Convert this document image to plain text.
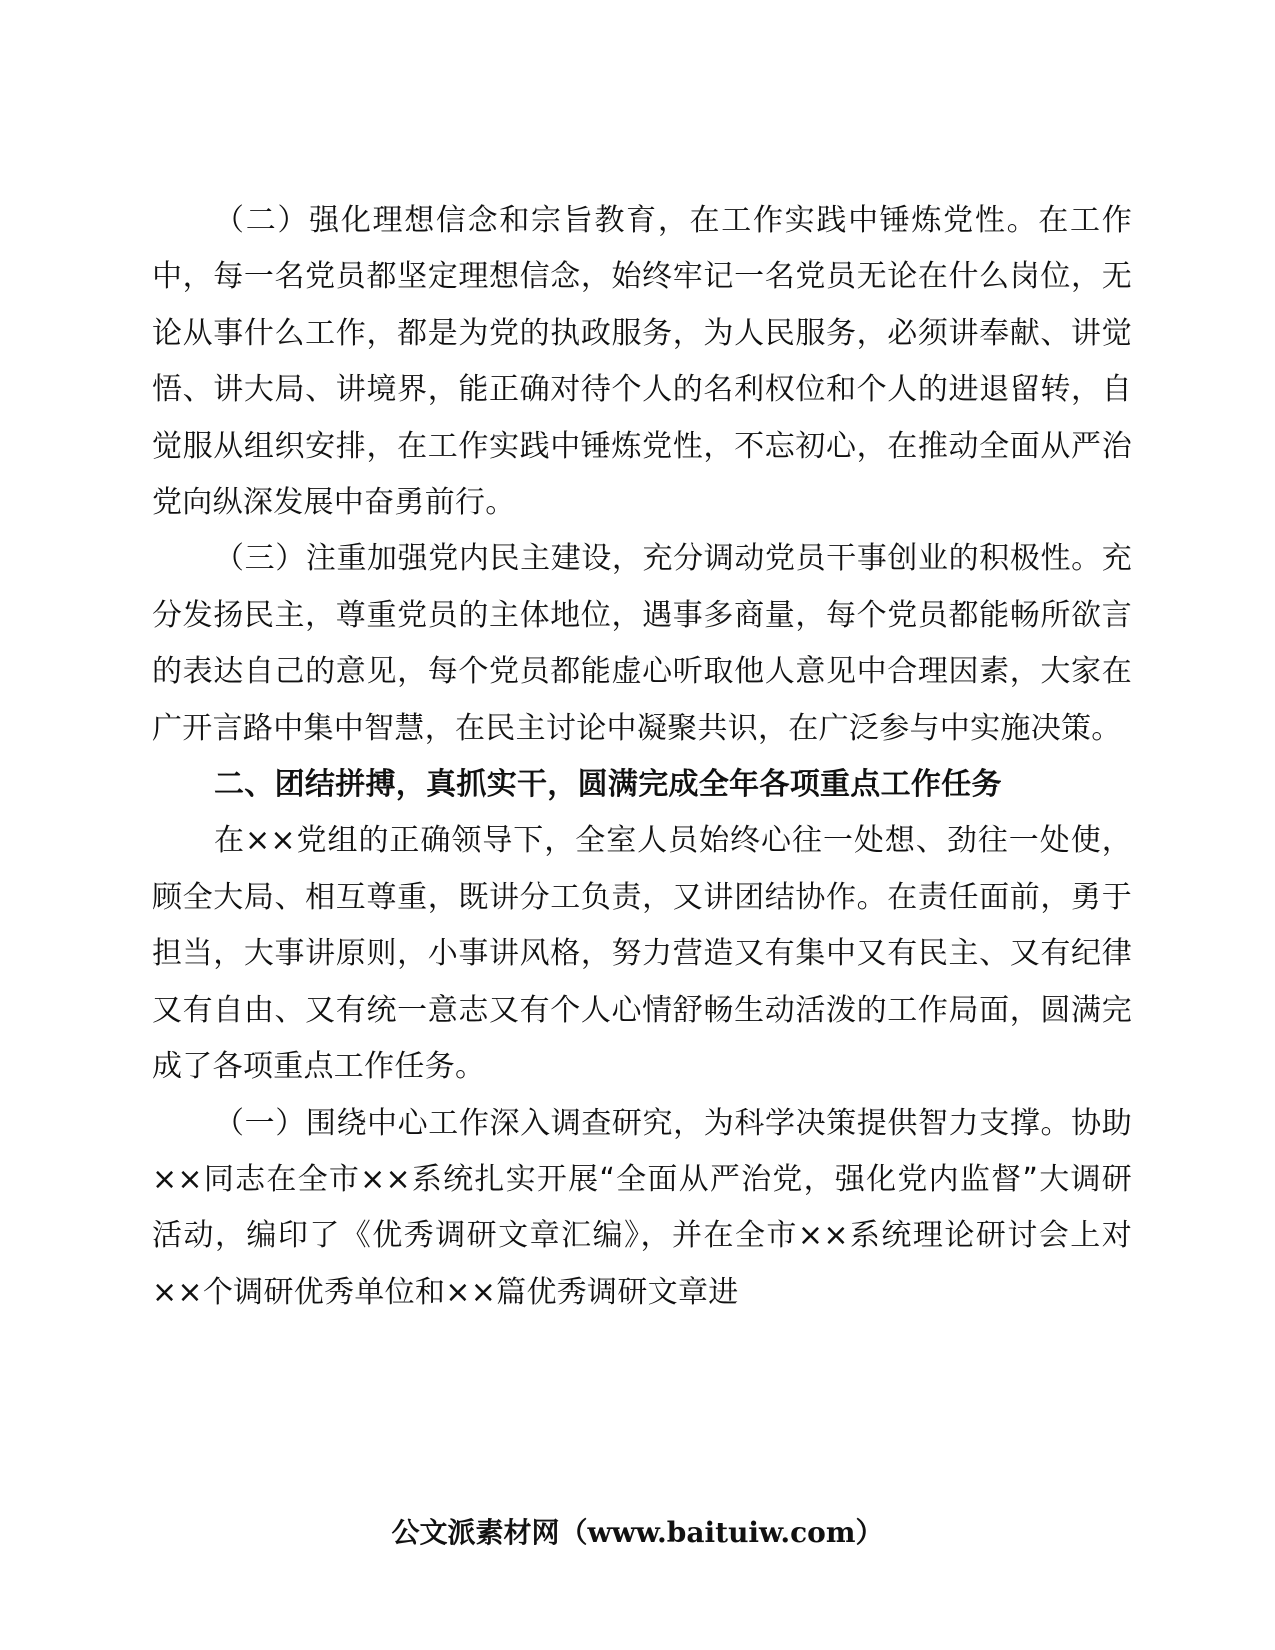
（二）强化理想信念和宗旨教育，在工作实践中锤炼党性。在工作中，每一名党员都坚定理想信念，始终牢记一名党员无论在什么岗位，无论从事什么工作，都是为党的执政服务，为人民服务，必须讲奉献、讲觉悟、讲大局、讲境界，能正确对待个人的名利权位和个人的进退留转，自觉服从组织安排，在工作实践中锤炼党性，不忘初心，在推动全面从严治党向纵深发展中奋勇前行。

（三）注重加强党内民主建设，充分调动党员干事创业的积极性。充分发扬民主，尊重党员的主体地位，遇事多商量，每个党员都能畅所欲言的表达自己的意见，每个党员都能虚心听取他人意见中合理因素，大家在广开言路中集中智慧，在民主讨论中凝聚共识，在广泛参与中实施决策。

二、团结拼搏，真抓实干，圆满完成全年各项重点工作任务

在××党组的正确领导下，全室人员始终心往一处想、劲往一处使，顾全大局、相互尊重，既讲分工负责，又讲团结协作。在责任面前，勇于担当，大事讲原则，小事讲风格，努力营造又有集中又有民主、又有纪律又有自由、又有统一意志又有个人心情舒畅生动活泼的工作局面，圆满完成了各项重点工作任务。

（一）围绕中心工作深入调查研究，为科学决策提供智力支撑。协助××同志在全市××系统扎实开展“全面从严治党，强化党内监督”大调研活动，编印了《优秀调研文章汇编》，并在全市××系统理论研讨会上对××个调研优秀单位和××篇优秀调研文章进

公文派素材网（www.baituiw.com）
